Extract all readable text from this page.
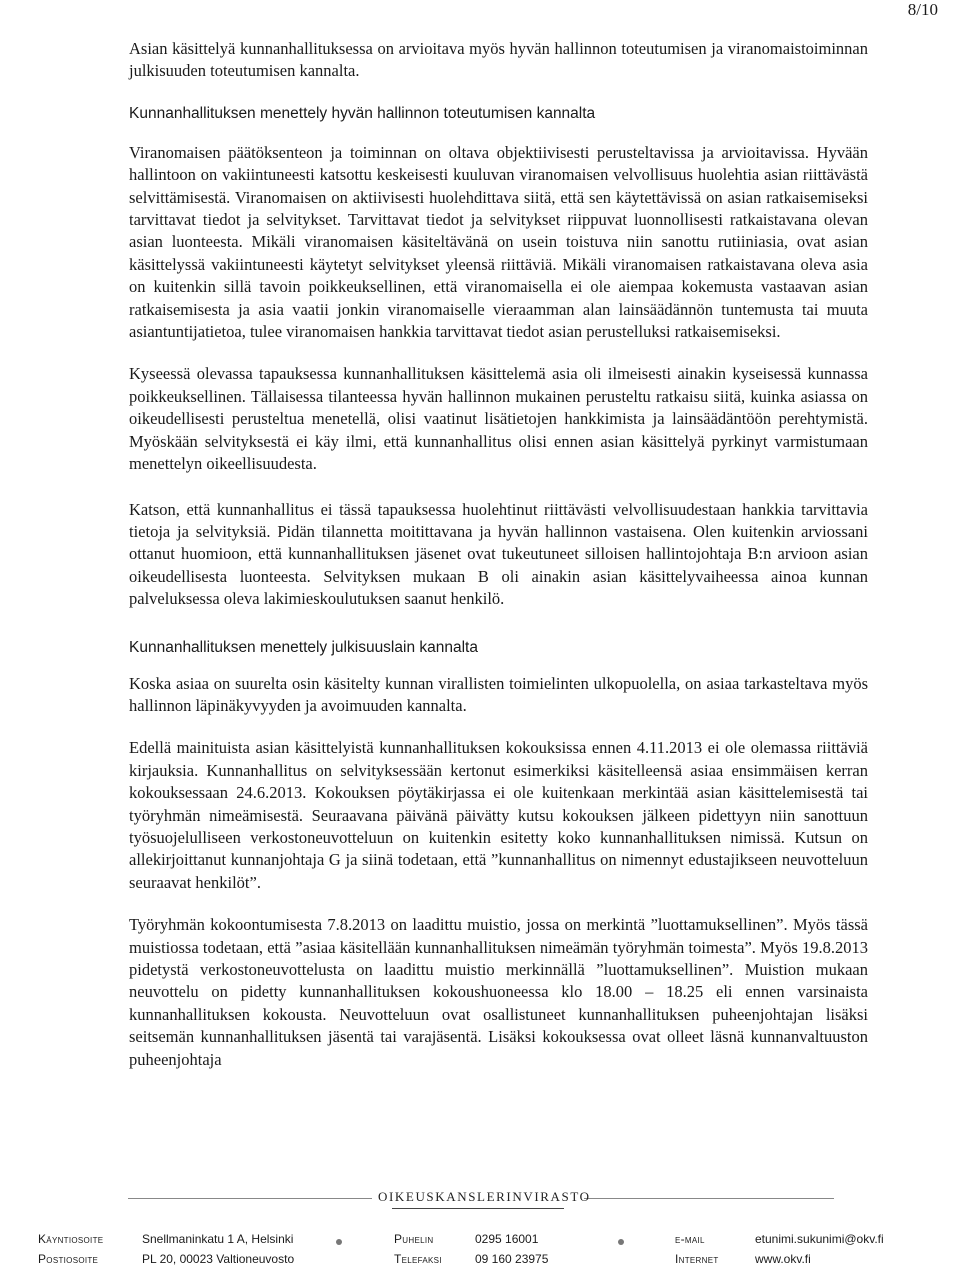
8/10

Asian käsittelyä kunnanhallituksessa on arvioitava myös hyvän hallinnon toteutumisen ja viranomaistoiminnan julkisuuden toteutumisen kannalta.

Kunnanhallituksen menettely hyvän hallinnon toteutumisen kannalta

Viranomaisen päätöksenteon ja toiminnan on oltava objektiivisesti perusteltavissa ja arvioitavissa. Hyvään hallintoon on vakiintuneesti katsottu keskeisesti kuuluvan viranomaisen velvollisuus huolehtia asian riittävästä selvittämisestä. Viranomaisen on aktiivisesti huolehdittava siitä, että sen käytettävissä on asian ratkaisemiseksi tarvittavat tiedot ja selvitykset. Tarvittavat tiedot ja selvitykset riippuvat luonnollisesti ratkaistavana olevan asian luonteesta. Mikäli viranomaisen käsiteltävänä on usein toistuva niin sanottu rutiiniasia, ovat asian käsittelyssä vakiintuneesti käytetyt selvitykset yleensä riittäviä. Mikäli viranomaisen ratkaistavana oleva asia on kuitenkin sillä tavoin poikkeuksellinen, että viranomaisella ei ole aiempaa kokemusta vastaavan asian ratkaisemisesta ja asia vaatii jonkin viranomaiselle vieraamman alan lainsäädännön tuntemusta tai muuta asiantuntijatietoa, tulee viranomaisen hankkia tarvittavat tiedot asian perustelluksi ratkaisemiseksi.

Kyseessä olevassa tapauksessa kunnanhallituksen käsittelemä asia oli ilmeisesti ainakin kyseisessä kunnassa poikkeuksellinen. Tällaisessa tilanteessa hyvän hallinnon mukainen perusteltu ratkaisu siitä, kuinka asiassa on oikeudellisesti perusteltua menetellä, olisi vaatinut lisätietojen hankkimista ja lainsäädäntöön perehtymistä. Myöskään selvityksestä ei käy ilmi, että kunnanhallitus olisi ennen asian käsittelyä pyrkinyt varmistumaan menettelyn oikeellisuudesta.

Katson, että kunnanhallitus ei tässä tapauksessa huolehtinut riittävästi velvollisuudestaan hankkia tarvittavia tietoja ja selvityksiä. Pidän tilannetta moitittavana ja hyvän hallinnon vastaisena. Olen kuitenkin arviossani ottanut huomioon, että kunnanhallituksen jäsenet ovat tukeutuneet silloisen hallintojohtaja B:n arvioon asian oikeudellisesta luonteesta. Selvityksen mukaan B oli ainakin asian käsittelyvaiheessa ainoa kunnan palveluksessa oleva lakimieskoulutuksen saanut henkilö.

Kunnanhallituksen menettely julkisuuslain kannalta

Koska asiaa on suurelta osin käsitelty kunnan virallisten toimielinten ulkopuolella, on asiaa tarkasteltava myös hallinnon läpinäkyvyyden ja avoimuuden kannalta.

Edellä mainituista asian käsittelyistä kunnanhallituksen kokouksissa ennen 4.11.2013 ei ole olemassa riittäviä kirjauksia. Kunnanhallitus on selvityksessään kertonut esimerkiksi käsitelleensä asiaa ensimmäisen kerran kokouksessaan 24.6.2013. Kokouksen pöytäkirjassa ei ole kuitenkaan merkintää asian käsittelemisestä tai työryhmän nimeämisestä. Seuraavana päivänä päivätty kutsu kokouksen jälkeen pidettyyn niin sanottuun työsuojelulliseen verkostoneuvotteluun on kuitenkin esitetty koko kunnanhallituksen nimissä. Kutsun on allekirjoittanut kunnanjohtaja G ja siinä todetaan, että ”kunnanhallitus on nimennyt edustajikseen neuvotteluun seuraavat henkilöt”.

Työryhmän kokoontumisesta 7.8.2013 on laadittu muistio, jossa on merkintä ”luottamuksellinen”. Myös tässä muistiossa todetaan, että ”asiaa käsitellään kunnanhallituksen nimeämän työryhmän toimesta”. Myös 19.8.2013 pidetystä verkostoneuvottelusta on laadittu muistio merkinnällä ”luottamuksellinen”. Muistion mukaan neuvottelu on pidetty kunnanhallituksen kokoushuoneessa klo 18.00 – 18.25 eli ennen varsinaista kunnanhallituksen kokousta. Neuvotteluun ovat osallistuneet kunnanhallituksen puheenjohtajan lisäksi seitsemän kunnanhallituksen jäsentä tai varajäsentä. Lisäksi kokouksessa ovat olleet läsnä kunnanvaltuuston puheenjohtaja

OIKEUSKANSLERINVIRASTO
Käyntiosoite	Snellmaninkatu 1 A, Helsinki	Puhelin	0295 16001	e-mail	etunimi.sukunimi@okv.fi
Postiosoite	PL 20, 00023 Valtioneuvosto	Telefaksi	09 160 23975	Internet	www.okv.fi
